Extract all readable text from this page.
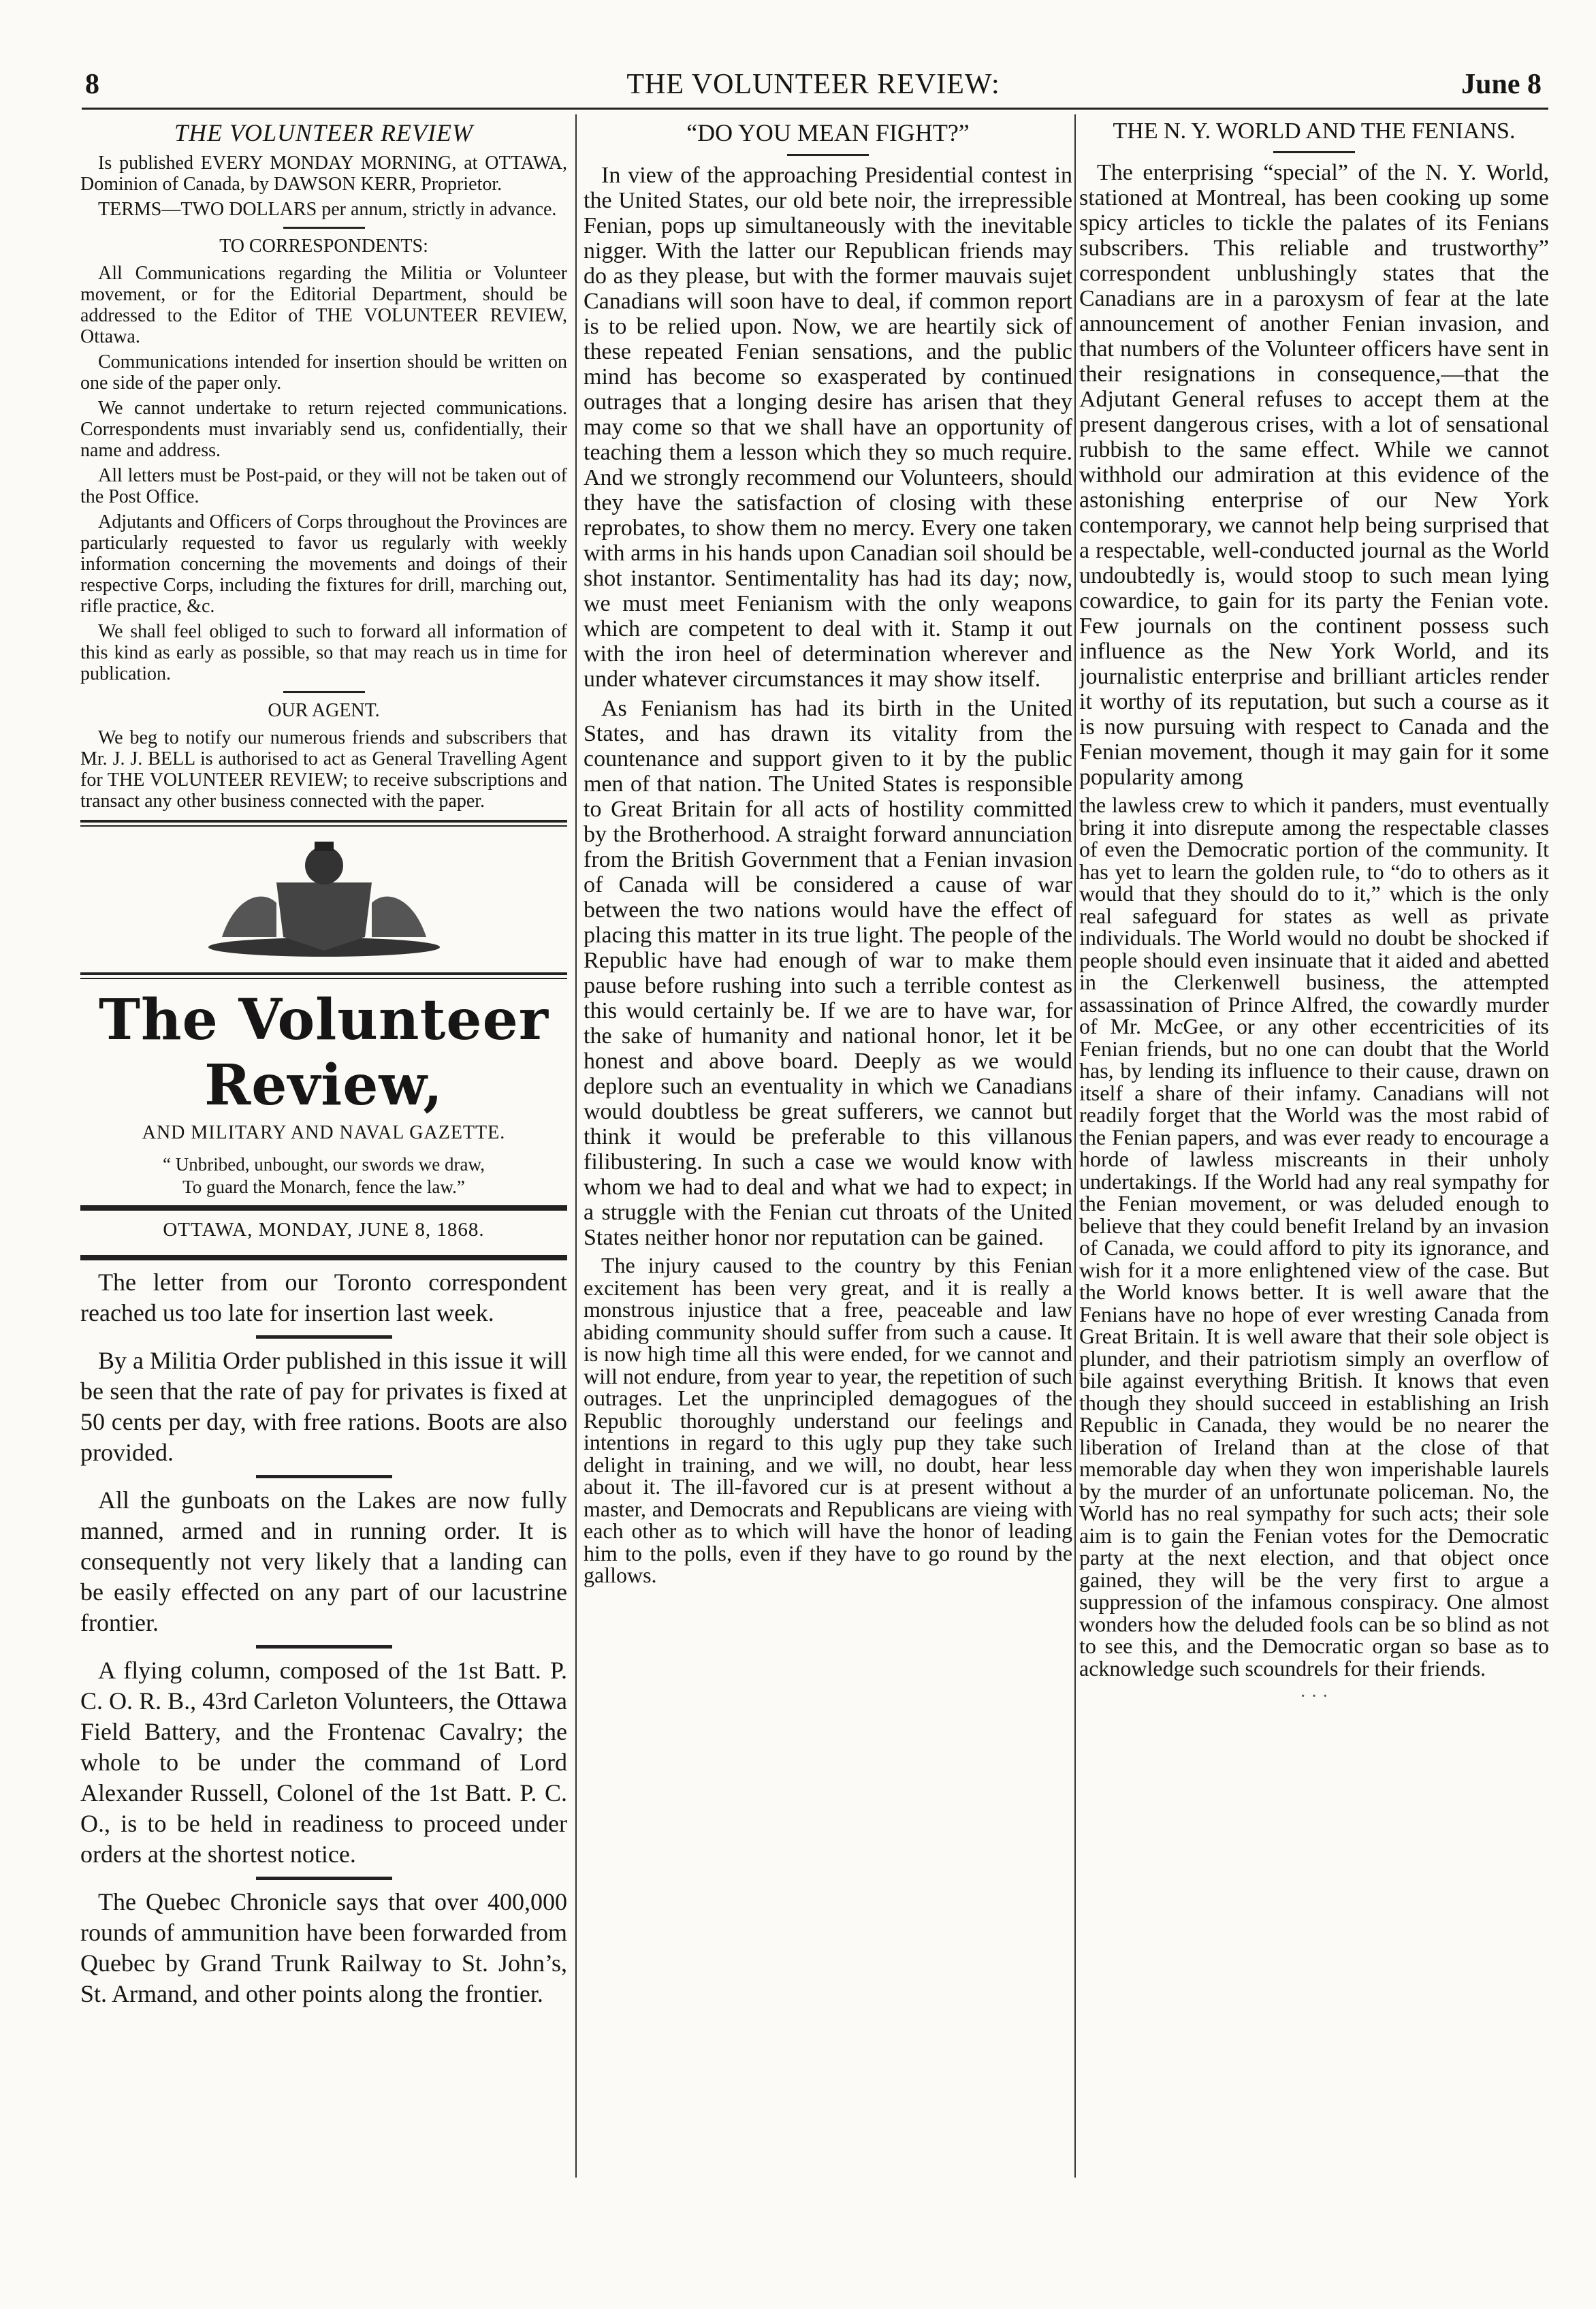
8	THE VOLUNTEER REVIEW:	June 8
THE VOLUNTEER REVIEW

Is published EVERY MONDAY MORNING, at OTTAWA, Dominion of Canada, by DAWSON KERR, Proprietor.

TERMS—TWO DOLLARS per annum, strictly in advance.

TO CORRESPONDENTS:

All Communications regarding the Militia or Volunteer movement, or for the Editorial Department, should be addressed to the Editor of THE VOLUNTEER REVIEW, Ottawa.

Communications intended for insertion should be written on one side of the paper only.

We cannot undertake to return rejected communications. Correspondents must invariably send us, confidentially, their name and address.

All letters must be Post-paid, or they will not be taken out of the Post Office.

Adjutants and Officers of Corps throughout the Provinces are particularly requested to favor us regularly with weekly information concerning the movements and doings of their respective Corps, including the fixtures for drill, marching out, rifle practice, &c.

We shall feel obliged to such to forward all information of this kind as early as possible, so that may reach us in time for publication.

OUR AGENT.

We beg to notify our numerous friends and subscribers that Mr. J. J. BELL is authorised to act as General Travelling Agent for THE VOLUNTEER REVIEW; to receive subscriptions and transact any other business connected with the paper.

The Volunteer Review,
AND MILITARY AND NAVAL GAZETTE.
“ Unbribed, unbought, our swords we draw,
To guard the Monarch, fence the law.”
OTTAWA, MONDAY, JUNE 8, 1868.

The letter from our Toronto correspondent reached us too late for insertion last week.

By a Militia Order published in this issue it will be seen that the rate of pay for privates is fixed at 50 cents per day, with free rations. Boots are also provided.

All the gunboats on the Lakes are now fully manned, armed and in running order. It is consequently not very likely that a landing can be easily effected on any part of our lacustrine frontier.

A flying column, composed of the 1st Batt. P. C. O. R. B., 43rd Carleton Volunteers, the Ottawa Field Battery, and the Frontenac Cavalry; the whole to be under the command of Lord Alexander Russell, Colonel of the 1st Batt. P. C. O., is to be held in readiness to proceed under orders at the shortest notice.

The Quebec Chronicle says that over 400,000 rounds of ammunition have been forwarded from Quebec by Grand Trunk Railway to St. John’s, St. Armand, and other points along the frontier.

“DO YOU MEAN FIGHT?”

In view of the approaching Presidential contest in the United States, our old bete noir, the irrepressible Fenian, pops up simultaneously with the inevitable nigger. With the latter our Republican friends may do as they please, but with the former mauvais sujet Canadians will soon have to deal, if common report is to be relied upon. Now, we are heartily sick of these repeated Fenian sensations, and the public mind has become so exasperated by continued outrages that a longing desire has arisen that they may come so that we shall have an opportunity of teaching them a lesson which they so much require. And we strongly recommend our Volunteers, should they have the satisfaction of closing with these reprobates, to show them no mercy. Every one taken with arms in his hands upon Canadian soil should be shot instantor. Sentimentality has had its day; now, we must meet Fenianism with the only weapons which are competent to deal with it. Stamp it out with the iron heel of determination wherever and under whatever circumstances it may show itself.

As Fenianism has had its birth in the United States, and has drawn its vitality from the countenance and support given to it by the public men of that nation. The United States is responsible to Great Britain for all acts of hostility committed by the Brotherhood. A straight forward annunciation from the British Government that a Fenian invasion of Canada will be considered a cause of war between the two nations would have the effect of placing this matter in its true light. The people of the Republic have had enough of war to make them pause before rushing into such a terrible contest as this would certainly be. If we are to have war, for the sake of humanity and national honor, let it be honest and above board. Deeply as we would deplore such an eventuality in which we Canadians would doubtless be great sufferers, we cannot but think it would be preferable to this villanous filibustering. In such a case we would know with whom we had to deal and what we had to expect; in a struggle with the Fenian cut throats of the United States neither honor nor reputation can be gained.

The injury caused to the country by this Fenian excitement has been very great, and it is really a monstrous injustice that a free, peaceable and law abiding community should suffer from such a cause. It is now high time all this were ended, for we cannot and will not endure, from year to year, the repetition of such outrages. Let the unprincipled demagogues of the Republic thoroughly understand our feelings and intentions in regard to this ugly pup they take such delight in training, and we will, no doubt, hear less about it. The ill-favored cur is at present without a master, and Democrats and Republicans are vieing with each other as to which will have the honor of leading him to the polls, even if they have to go round by the gallows.

THE N. Y. WORLD AND THE FENIANS.

The enterprising “special” of the N. Y. World, stationed at Montreal, has been cooking up some spicy articles to tickle the palates of its Fenians subscribers. This reliable and trustworthy” correspondent unblushingly states that the Canadians are in a paroxysm of fear at the late announcement of another Fenian invasion, and that numbers of the Volunteer officers have sent in their resignations in consequence,—that the Adjutant General refuses to accept them at the present dangerous crises, with a lot of sensational rubbish to the same effect. While we cannot withhold our admiration at this evidence of the astonishing enterprise of our New York contemporary, we cannot help being surprised that a respectable, well-conducted journal as the World undoubtedly is, would stoop to such mean lying cowardice, to gain for its party the Fenian vote. Few journals on the continent possess such influence as the New York World, and its journalistic enterprise and brilliant articles render it worthy of its reputation, but such a course as it is now pursuing with respect to Canada and the Fenian movement, though it may gain for it some popularity among

the lawless crew to which it panders, must eventually bring it into disrepute among the respectable classes of even the Democratic portion of the community. It has yet to learn the golden rule, to “do to others as it would that they should do to it,” which is the only real safeguard for states as well as private individuals. The World would no doubt be shocked if people should even insinuate that it aided and abetted in the Clerkenwell business, the attempted assassination of Prince Alfred, the cowardly murder of Mr. McGee, or any other eccentricities of its Fenian friends, but no one can doubt that the World has, by lending its influence to their cause, drawn on itself a share of their infamy. Canadians will not readily forget that the World was the most rabid of the Fenian papers, and was ever ready to encourage a horde of lawless miscreants in their unholy undertakings. If the World had any real sympathy for the Fenian movement, or was deluded enough to believe that they could benefit Ireland by an invasion of Canada, we could afford to pity its ignorance, and wish for it a more enlightened view of the case. But the World knows better. It is well aware that the Fenians have no hope of ever wresting Canada from Great Britain. It is well aware that their sole object is plunder, and their patriotism simply an overflow of bile against everything British. It knows that even though they should succeed in establishing an Irish Republic in Canada, they would be no nearer the liberation of Ireland than at the close of that memorable day when they won imperishable laurels by the murder of an unfortunate policeman. No, the World has no real sympathy for such acts; their sole aim is to gain the Fenian votes for the Democratic party at the next election, and that object once gained, they will be the very first to argue a suppression of the infamous conspiracy. One almost wonders how the deluded fools can be so blind as not to see this, and the Democratic organ so base as to acknowledge such scoundrels for their friends.

· · ·
